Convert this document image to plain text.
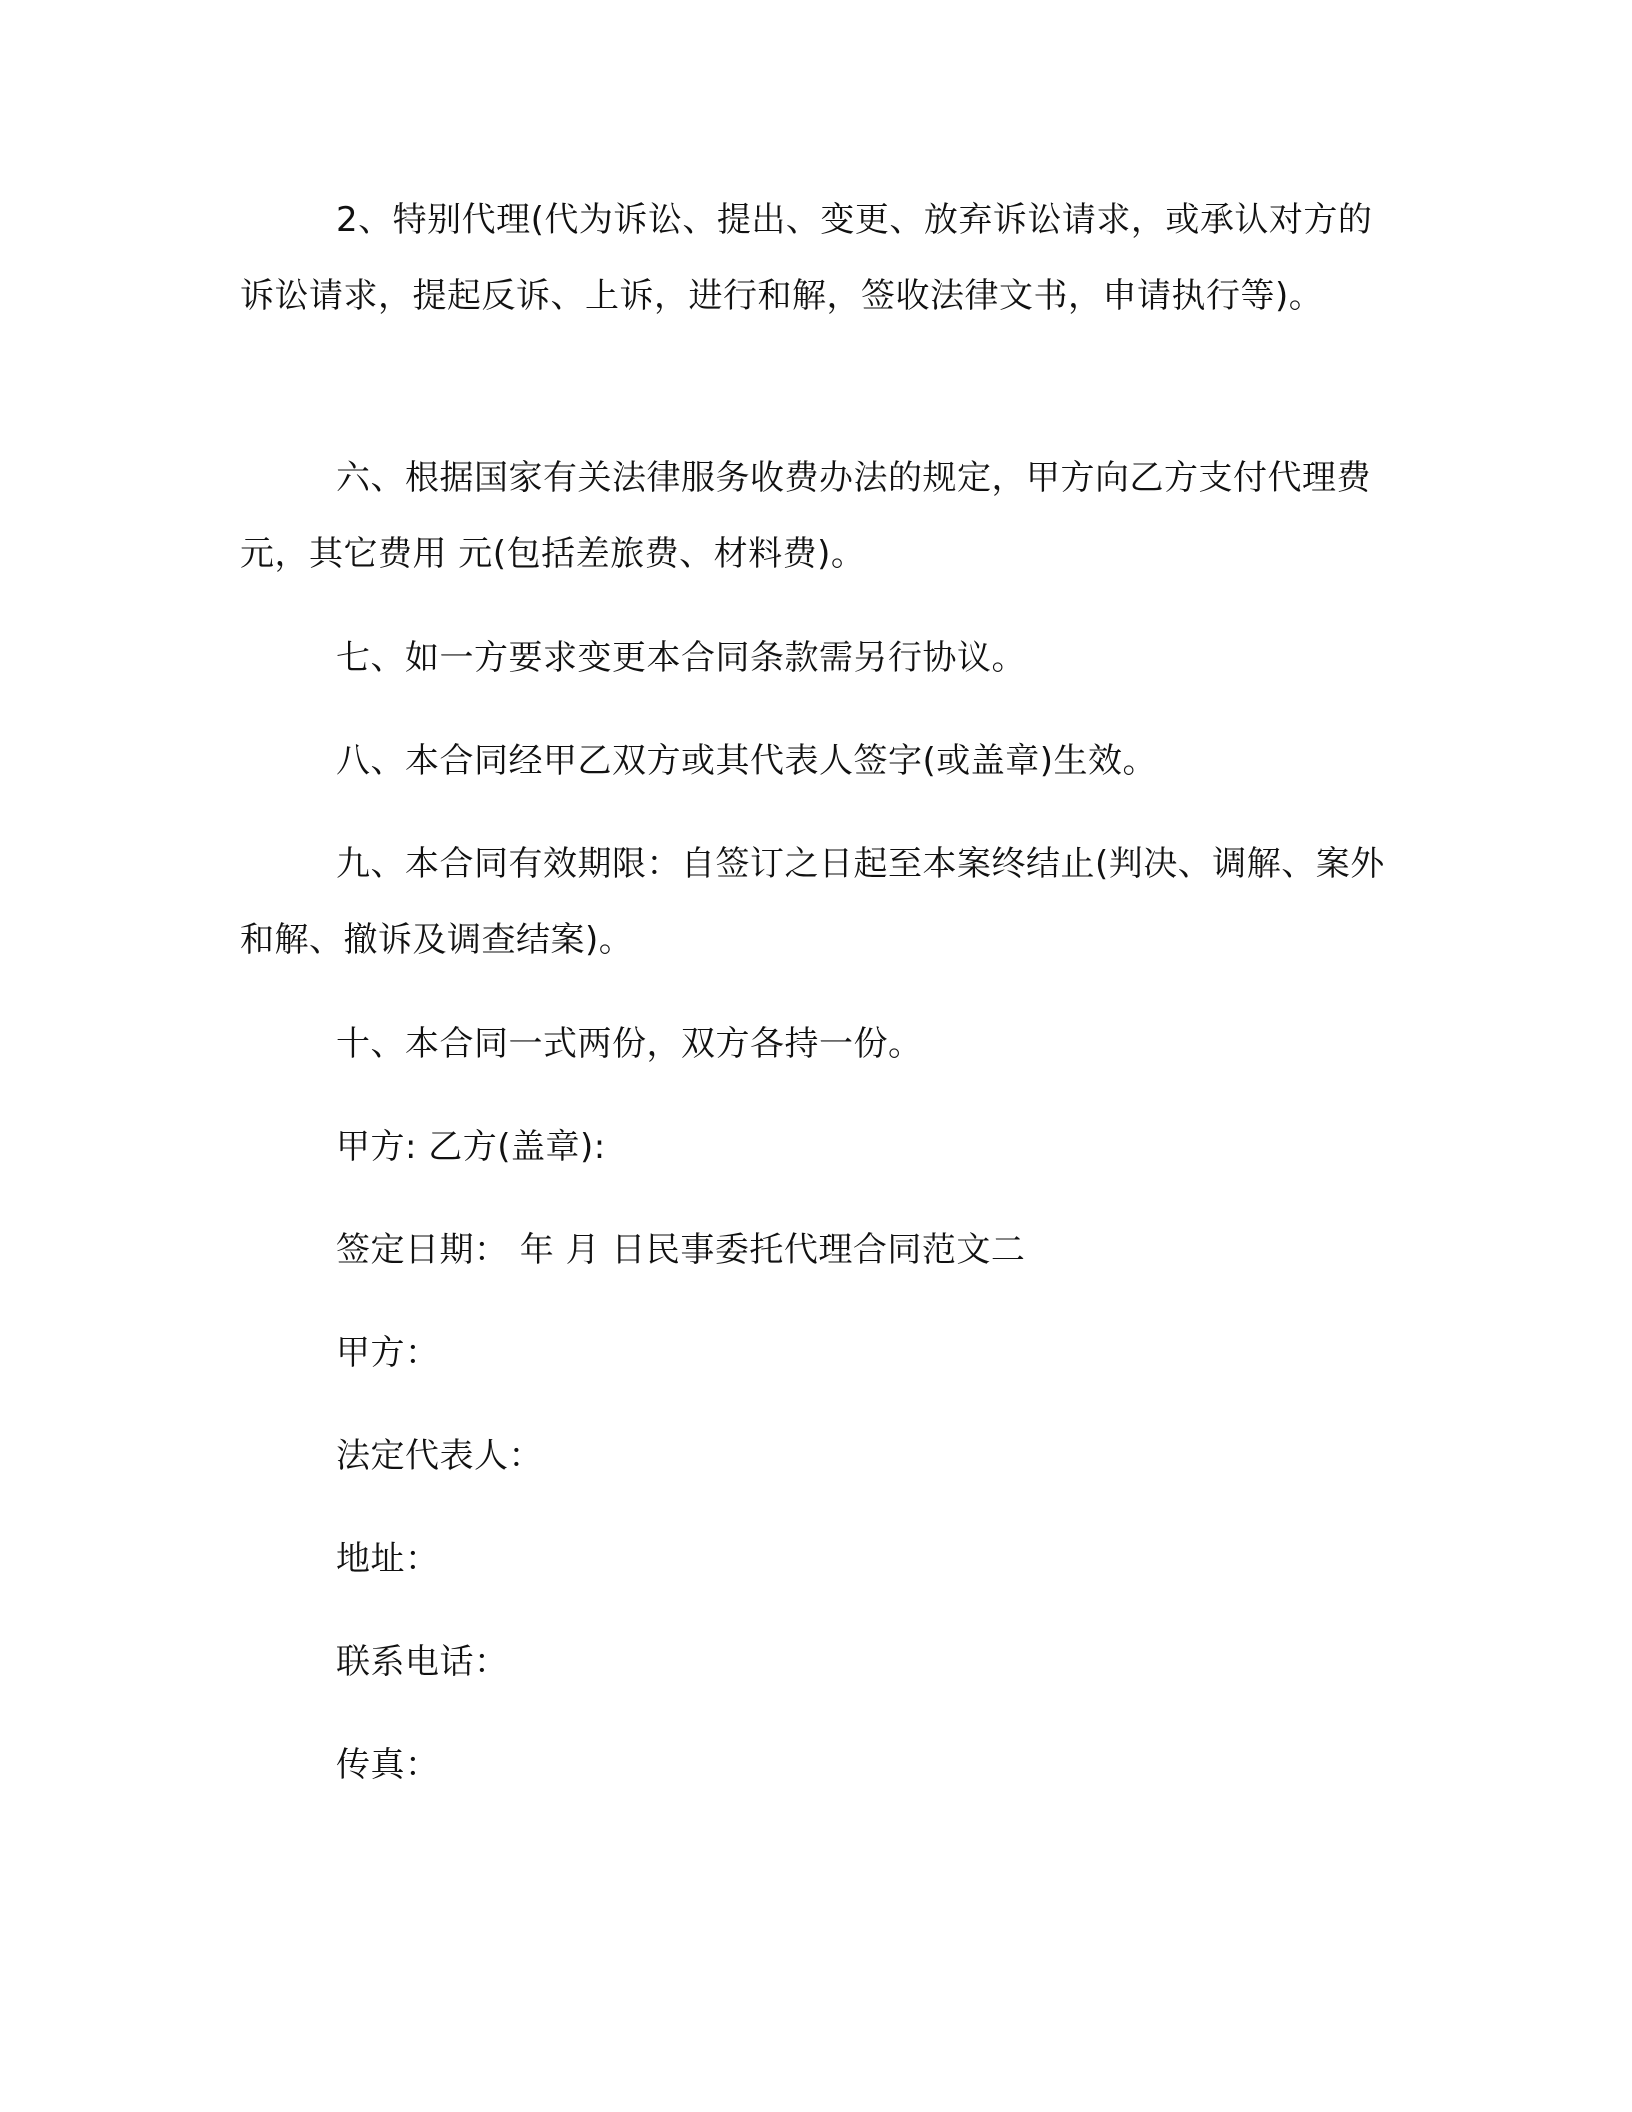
2、特别代理(代为诉讼、提出、变更、放弃诉讼请求，或承认对方的诉讼请求，提起反诉、上诉，进行和解，签收法律文书，申请执行等)。

六、根据国家有关法律服务收费办法的规定，甲方向乙方支付代理费 元，其它费用 元(包括差旅费、材料费)。

七、如一方要求变更本合同条款需另行协议。

八、本合同经甲乙双方或其代表人签字(或盖章)生效。

九、本合同有效期限：自签订之日起至本案终结止(判决、调解、案外和解、撤诉及调查结案)。

十、本合同一式两份，双方各持一份。

甲方: 乙方(盖章):

签定日期： 年 月 日民事委托代理合同范文二

甲方：

法定代表人：

地址：

联系电话：

传真：
